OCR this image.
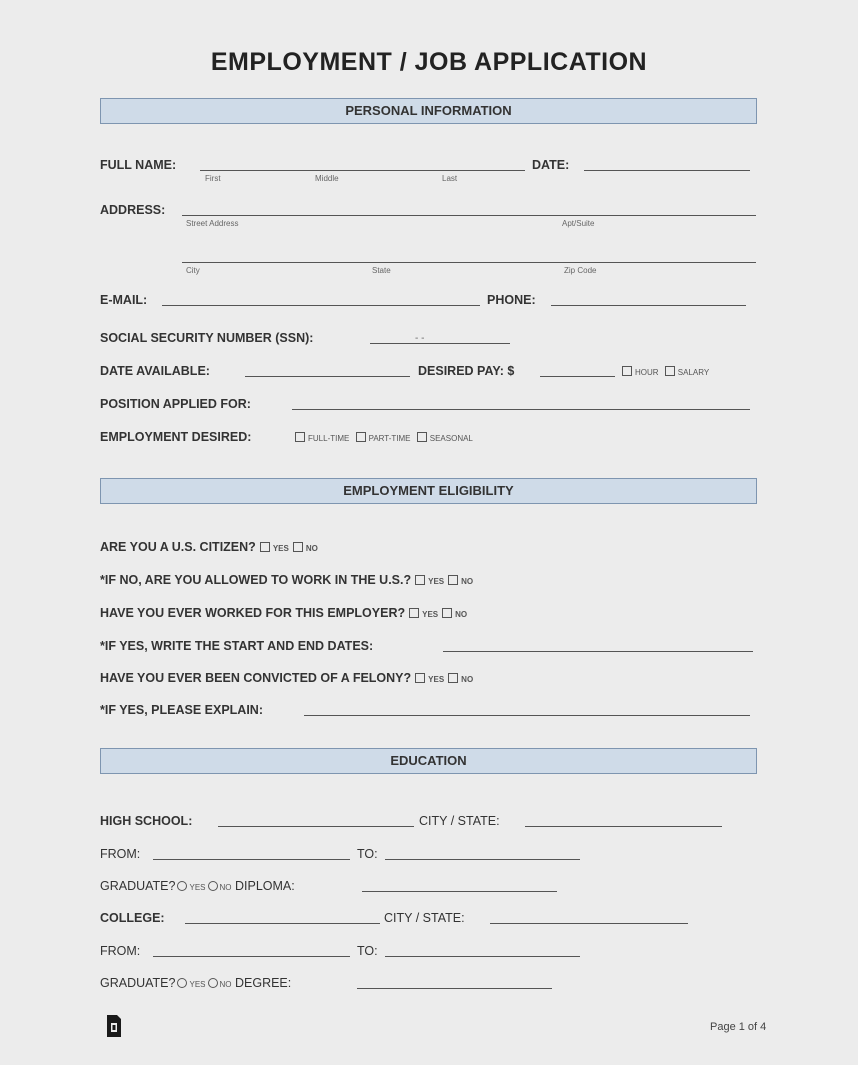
EMPLOYMENT / JOB APPLICATION
PERSONAL INFORMATION
FULL NAME:
First	Middle	Last
DATE:
ADDRESS:
Street Address	Apt/Suite
City	State	Zip Code
E-MAIL:	PHONE:
SOCIAL SECURITY NUMBER (SSN):	- -
DATE AVAILABLE:	DESIRED PAY: $	HOUR SALARY
POSITION APPLIED FOR:
EMPLOYMENT DESIRED:	FULL-TIME PART-TIME SEASONAL
EMPLOYMENT ELIGIBILITY
ARE YOU A U.S. CITIZEN? YES NO
*IF NO, ARE YOU ALLOWED TO WORK IN THE U.S.? YES NO
HAVE YOU EVER WORKED FOR THIS EMPLOYER? YES NO
*IF YES, WRITE THE START AND END DATES:
HAVE YOU EVER BEEN CONVICTED OF A FELONY? YES NO
*IF YES, PLEASE EXPLAIN:
EDUCATION
HIGH SCHOOL:	CITY / STATE:
FROM:	TO:
GRADUATE? YES NO DIPLOMA:
COLLEGE:	CITY / STATE:
FROM:	TO:
GRADUATE? YES NO DEGREE:
Page 1 of 4
